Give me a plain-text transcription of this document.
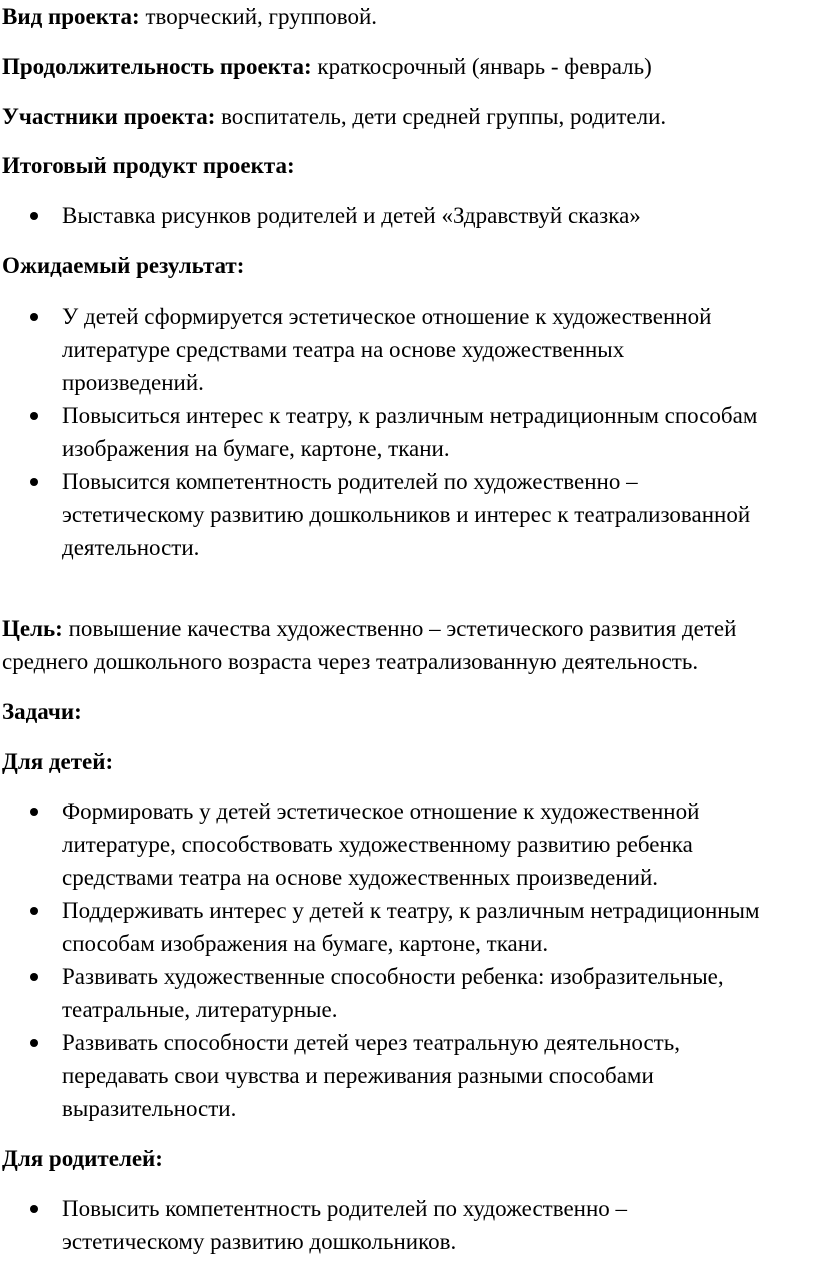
Вид проекта: творческий, групповой.

Продолжительность проекта: краткосрочный (январь - февраль)

Участники проекта: воспитатель, дети средней группы, родители.

Итоговый продукт проекта:

Выставка рисунков родителей и детей «Здравствуй сказка»

Ожидаемый результат:

У детей сформируется эстетическое отношение к художественной
литературе средствами театра на основе художественных
произведений.
Повыситься интерес к театру, к различным нетрадиционным способам
изображения на бумаге, картоне, ткани.
Повысится компетентность родителей по художественно –
эстетическому развитию дошкольников и интерес к театрализованной
деятельности.

Цель: повышение качества художественно – эстетического развития детей

среднего дошкольного возраста через театрализованную деятельность.

Задачи:

Для детей:

Формировать у детей эстетическое отношение к художественной
литературе, способствовать художественному развитию ребенка
средствами театра на основе художественных произведений.
Поддерживать интерес у детей к театру, к различным нетрадиционным
способам изображения на бумаге, картоне, ткани.
Развивать художественные способности ребенка: изобразительные,
театральные, литературные.
Развивать способности детей через театральную деятельность,
передавать свои чувства и переживания разными способами
выразительности.

Для родителей:

Повысить компетентность родителей по художественно –
эстетическому развитию дошкольников.
